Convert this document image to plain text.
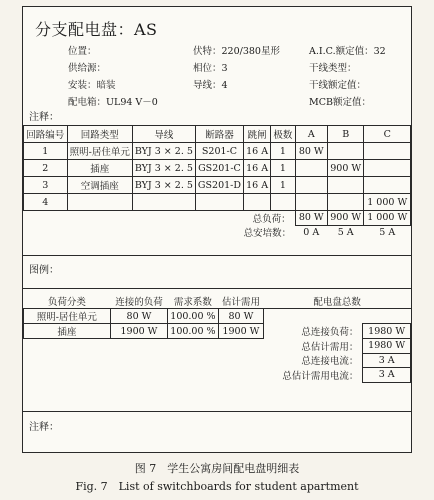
分支配电盘：AS
位置：
供给源：
安装：暗装
配电箱：UL94 V－0
伏特：220/380星形
相位：3
导线：4
A.I.C.额定值：32
干线类型：
干线额定值：
MCB额定值：
注释：
回路编号	回路类型	导线	断路器	跳闸	极数	A	B	C
1	照明-居住单元	BYJ 3 × 2. 5	S201-C	16 A	1	80 W		
2	插座	BYJ 3 × 2. 5	GS201-C	16 A	1		900 W	
3	空调插座	BYJ 3 × 2. 5	GS201-D	16 A	1			
4								1 000 W
总负荷：						80 W	900 W	1 000 W
总安培数：						0 A	5 A	5 A
图例：
负荷分类	连接的负荷	需求系数	估计需用	配电盘总数	
照明-居住单元	80 W	100.00 %	80 W		
插座	1900 W	100.00 %	1900 W	总连接负荷：	1980 W
				总估计需用：	1980 W
				总连接电流：	3 A
				总估计需用电流：	3 A
注释：
图 7　学生公寓房间配电盘明细表
Fig. 7　List of switchboards for student apartment
